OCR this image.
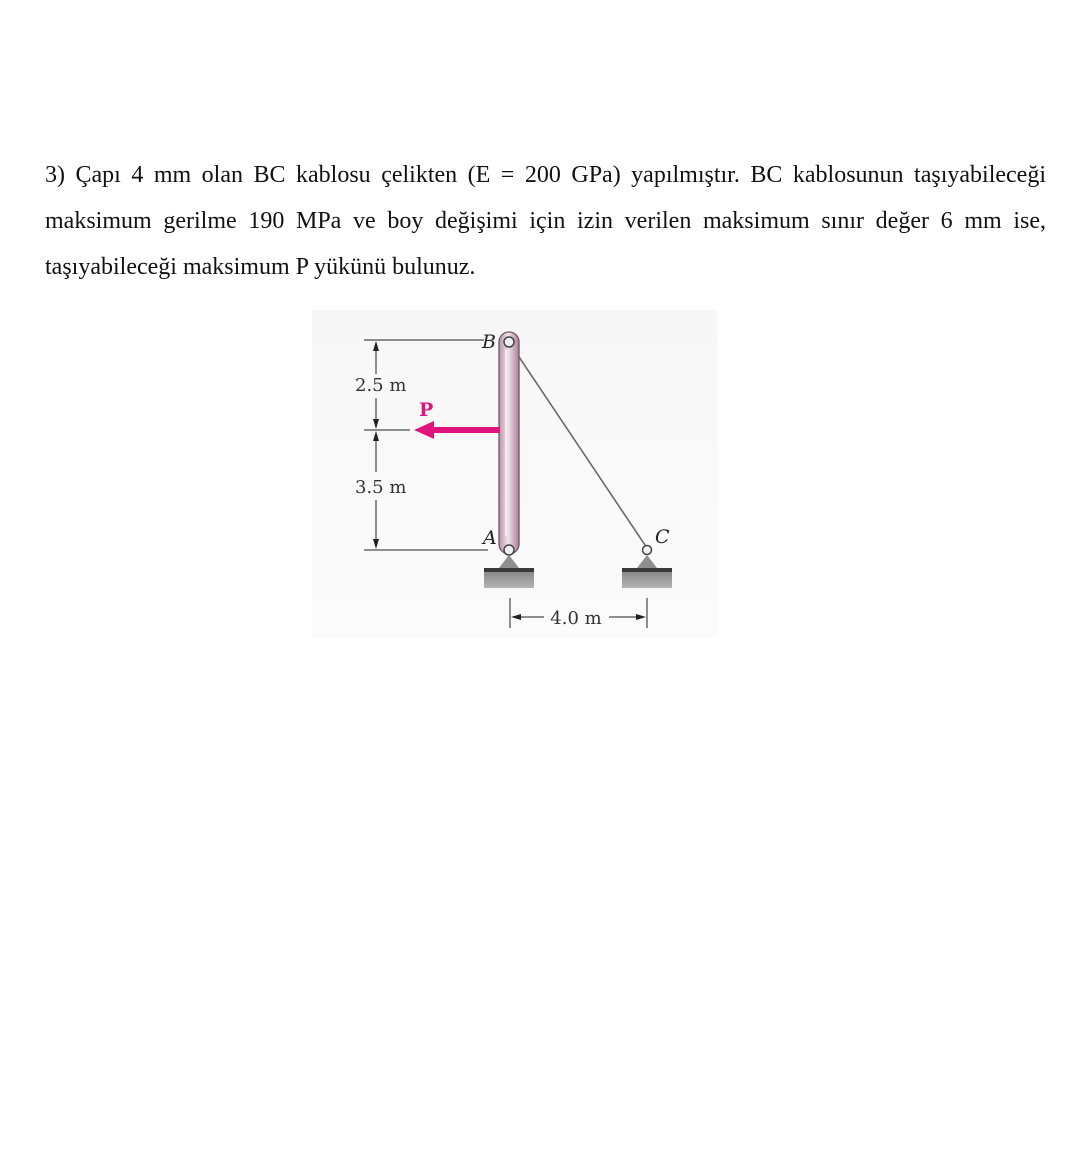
3) Çapı 4 mm olan BC kablosu çelikten (E = 200 GPa) yapılmıştır. BC kablosunun taşıyabileceği maksimum gerilme 190 MPa ve boy değişimi için izin verilen maksimum sınır değer 6 mm ise, taşıyabileceği maksimum P yükünü bulunuz.

2.5 m
3.5 m
B
A	C
P
4.0 m
